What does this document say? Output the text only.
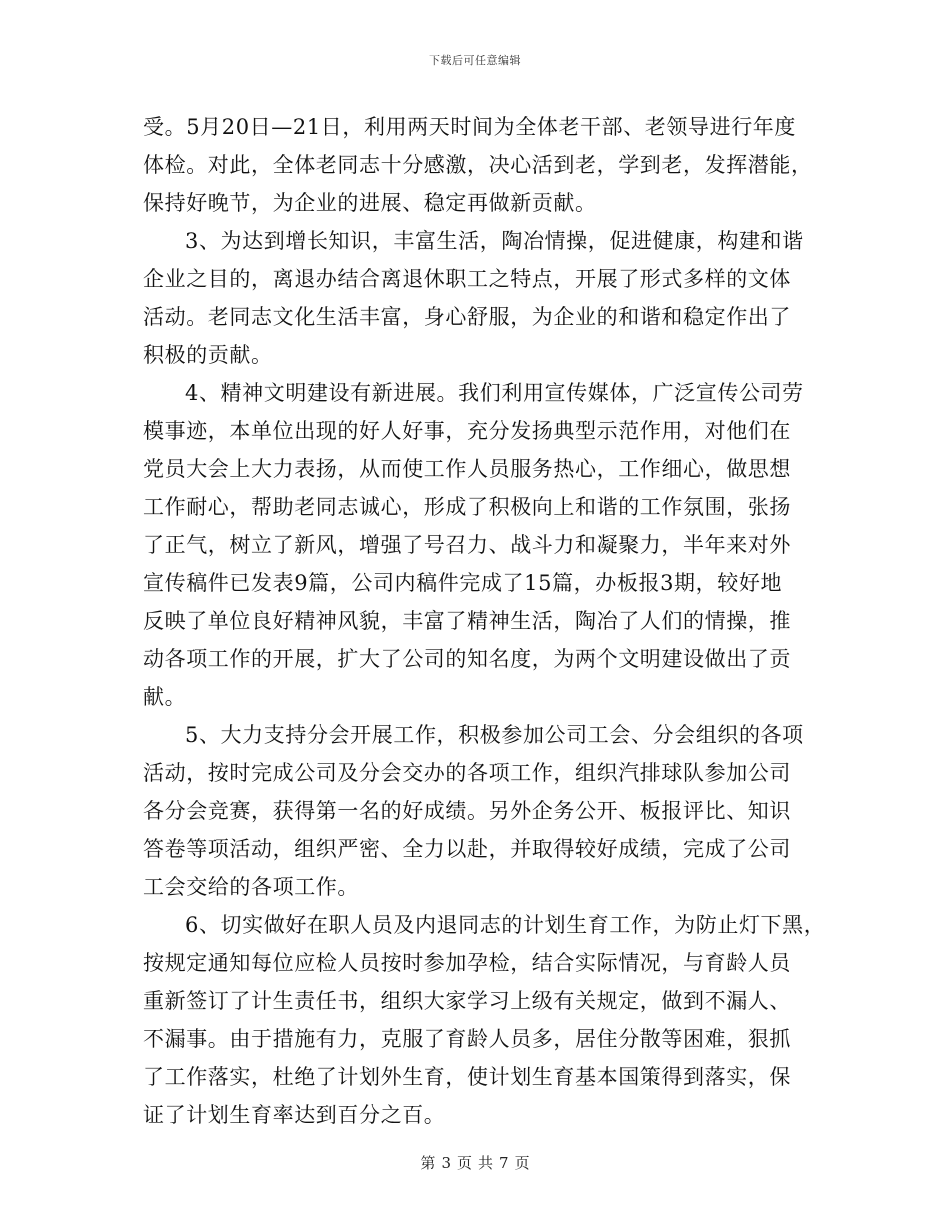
下载后可任意编辑
受。5月20日—21日，利用两天时间为全体老干部、老领导进行年度
体检。对此，全体老同志十分感激，决心活到老，学到老，发挥潜能，
保持好晚节，为企业的进展、稳定再做新贡献。
3、为达到增长知识，丰富生活，陶冶情操，促进健康，构建和谐
企业之目的，离退办结合离退休职工之特点，开展了形式多样的文体
活动。老同志文化生活丰富，身心舒服，为企业的和谐和稳定作出了
积极的贡献。
4、精神文明建设有新进展。我们利用宣传媒体，广泛宣传公司劳
模事迹，本单位出现的好人好事，充分发扬典型示范作用，对他们在
党员大会上大力表扬，从而使工作人员服务热心，工作细心，做思想
工作耐心，帮助老同志诚心，形成了积极向上和谐的工作氛围，张扬
了正气，树立了新风，增强了号召力、战斗力和凝聚力，半年来对外
宣传稿件已发表9篇，公司内稿件完成了15篇，办板报3期，较好地
反映了单位良好精神风貌，丰富了精神生活，陶冶了人们的情操，推
动各项工作的开展，扩大了公司的知名度，为两个文明建设做出了贡
献。
5、大力支持分会开展工作，积极参加公司工会、分会组织的各项
活动，按时完成公司及分会交办的各项工作，组织汽排球队参加公司
各分会竞赛，获得第一名的好成绩。另外企务公开、板报评比、知识
答卷等项活动，组织严密、全力以赴，并取得较好成绩，完成了公司
工会交给的各项工作。
6、切实做好在职人员及内退同志的计划生育工作，为防止灯下黑，
按规定通知每位应检人员按时参加孕检，结合实际情况，与育龄人员
重新签订了计生责任书，组织大家学习上级有关规定，做到不漏人、
不漏事。由于措施有力，克服了育龄人员多，居住分散等困难，狠抓
了工作落实，杜绝了计划外生育，使计划生育基本国策得到落实，保
证了计划生育率达到百分之百。
第 3 页 共 7 页
